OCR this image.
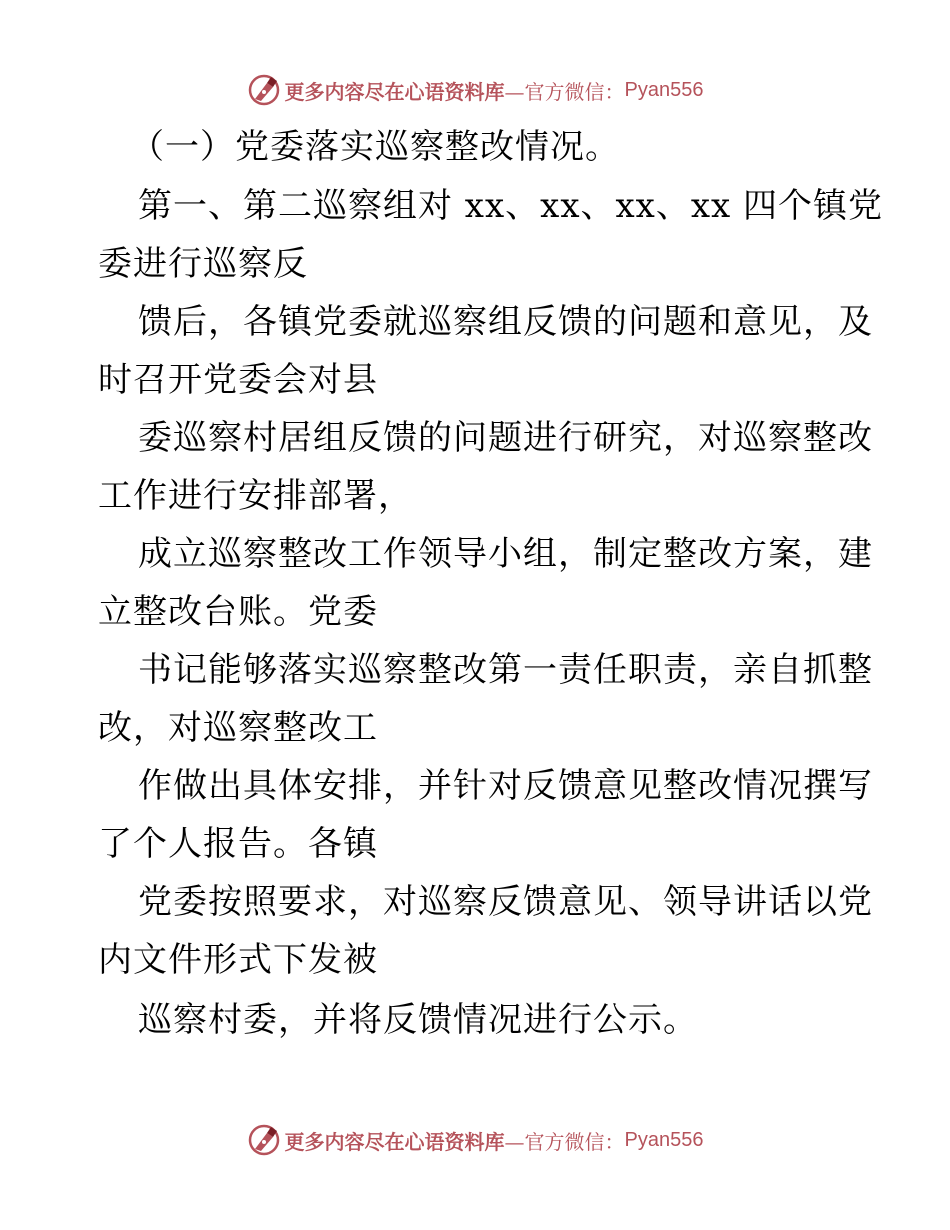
更多内容尽在心语资料库 —官方微信： Pyan556
（一）党委落实巡察整改情况。
第一、第二巡察组对 xx、xx、xx、xx 四个镇党
委进行巡察反
馈后，各镇党委就巡察组反馈的问题和意见，及
时召开党委会对县
委巡察村居组反馈的问题进行研究，对巡察整改
工作进行安排部署，
成立巡察整改工作领导小组，制定整改方案，建
立整改台账。党委
书记能够落实巡察整改第一责任职责，亲自抓整
改，对巡察整改工
作做出具体安排，并针对反馈意见整改情况撰写
了个人报告。各镇
党委按照要求，对巡察反馈意见、领导讲话以党
内文件形式下发被
巡察村委，并将反馈情况进行公示。
更多内容尽在心语资料库 —官方微信： Pyan556
